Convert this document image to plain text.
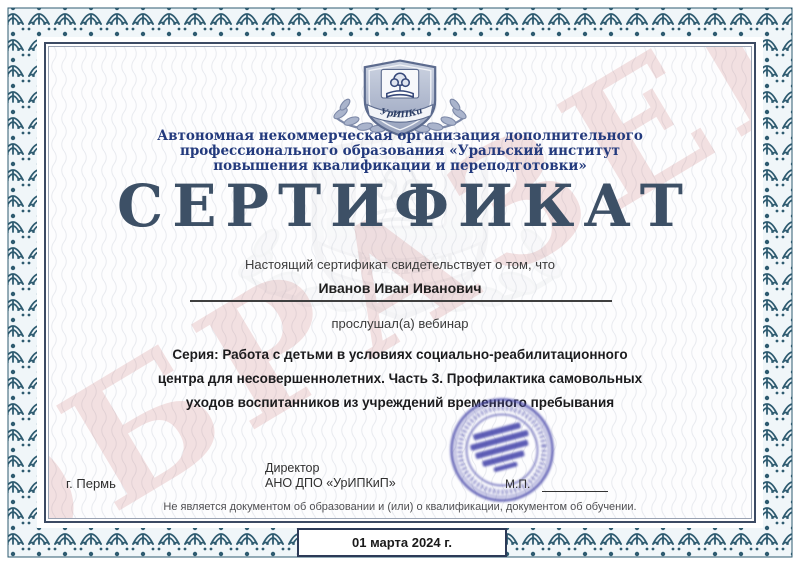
Автономная некоммерческая организация дополнительного
профессионального образования «Уральский институт
повышения квалификации и переподготовки»
СЕРТИФИКАТ
Настоящий сертификат свидетельствует о том, что
Иванов Иван Иванович
прослушал(а) вебинар
Серия: Работа с детьми в условиях социально-реабилитационного
центра для несовершеннолетних. Часть 3. Профилактика самовольных
уходов воспитанников из учреждений временного пребывания
г. Пермь
Директор
АНО ДПО «УрИПКиП»	М.П.
Не является документом об образовании и (или) о квалификации, документом об обучении.
01 марта 2024 г.
